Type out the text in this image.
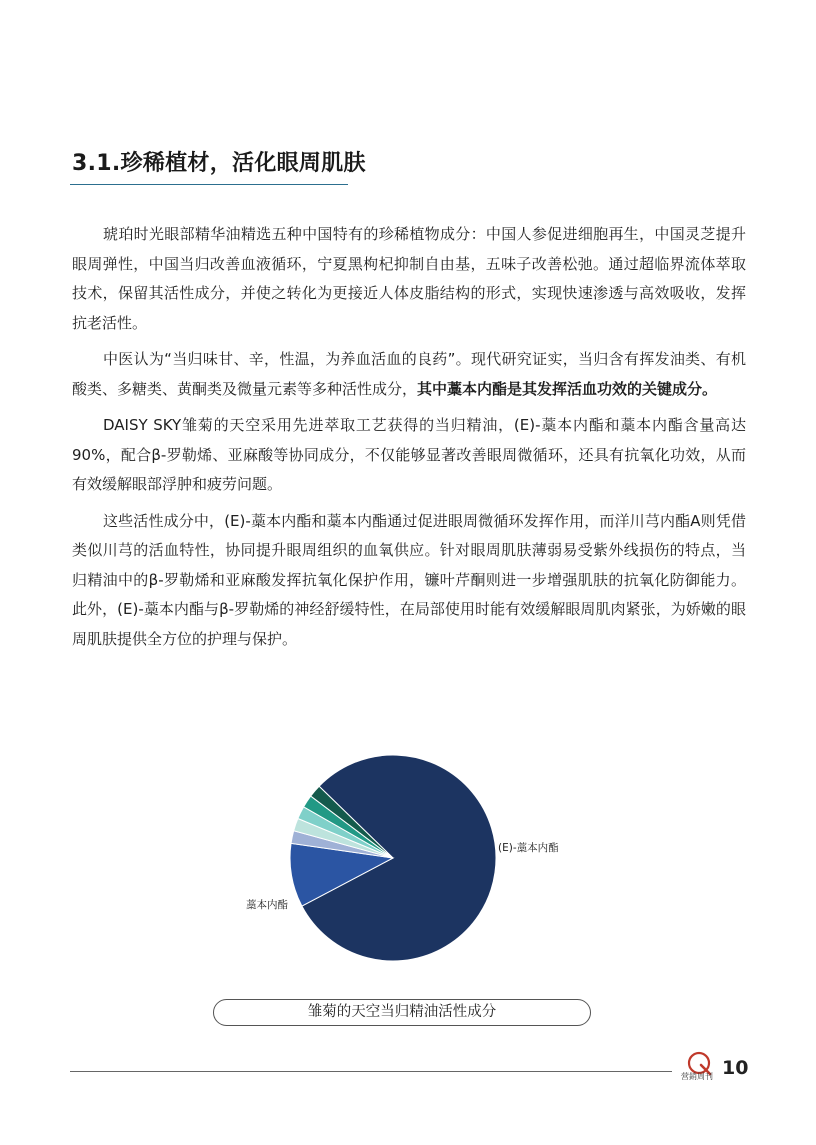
3.1.珍稀植材，活化眼周肌肤

琥珀时光眼部精华油精选五种中国特有的珍稀植物成分：中国人参促进细胞再生，中国灵芝提升眼周弹性，中国当归改善血液循环，宁夏黑枸杞抑制自由基，五味子改善松弛。通过超临界流体萃取技术，保留其活性成分，并使之转化为更接近人体皮脂结构的形式，实现快速渗透与高效吸收，发挥抗老活性。

中医认为“当归味甘、辛，性温，为养血活血的良药”。现代研究证实，当归含有挥发油类、有机酸类、多糖类、黄酮类及微量元素等多种活性成分，其中藁本内酯是其发挥活血功效的关键成分。

DAISY SKY雏菊的天空采用先进萃取工艺获得的当归精油，(E)-藁本内酯和藁本内酯含量高达90%，配合β-罗勒烯、亚麻酸等协同成分，不仅能够显著改善眼周微循环，还具有抗氧化功效，从而有效缓解眼部浮肿和疲劳问题。

这些活性成分中，(E)-藁本内酯和藁本内酯通过促进眼周微循环发挥作用，而洋川芎内酯A则凭借类似川芎的活血特性，协同提升眼周组织的血氧供应。针对眼周肌肤薄弱易受紫外线损伤的特点，当归精油中的β-罗勒烯和亚麻酸发挥抗氧化保护作用，镰叶芹酮则进一步增强肌肤的抗氧化防御能力。此外，(E)-藁本内酯与β-罗勒烯的神经舒缓特性，在局部使用时能有效缓解眼周肌肉紧张，为娇嫩的眼周肌肤提供全方位的护理与保护。

(E)-藁本内酯
藁本内酯
雏菊的天空当归精油活性成分
营銷周刊 10
